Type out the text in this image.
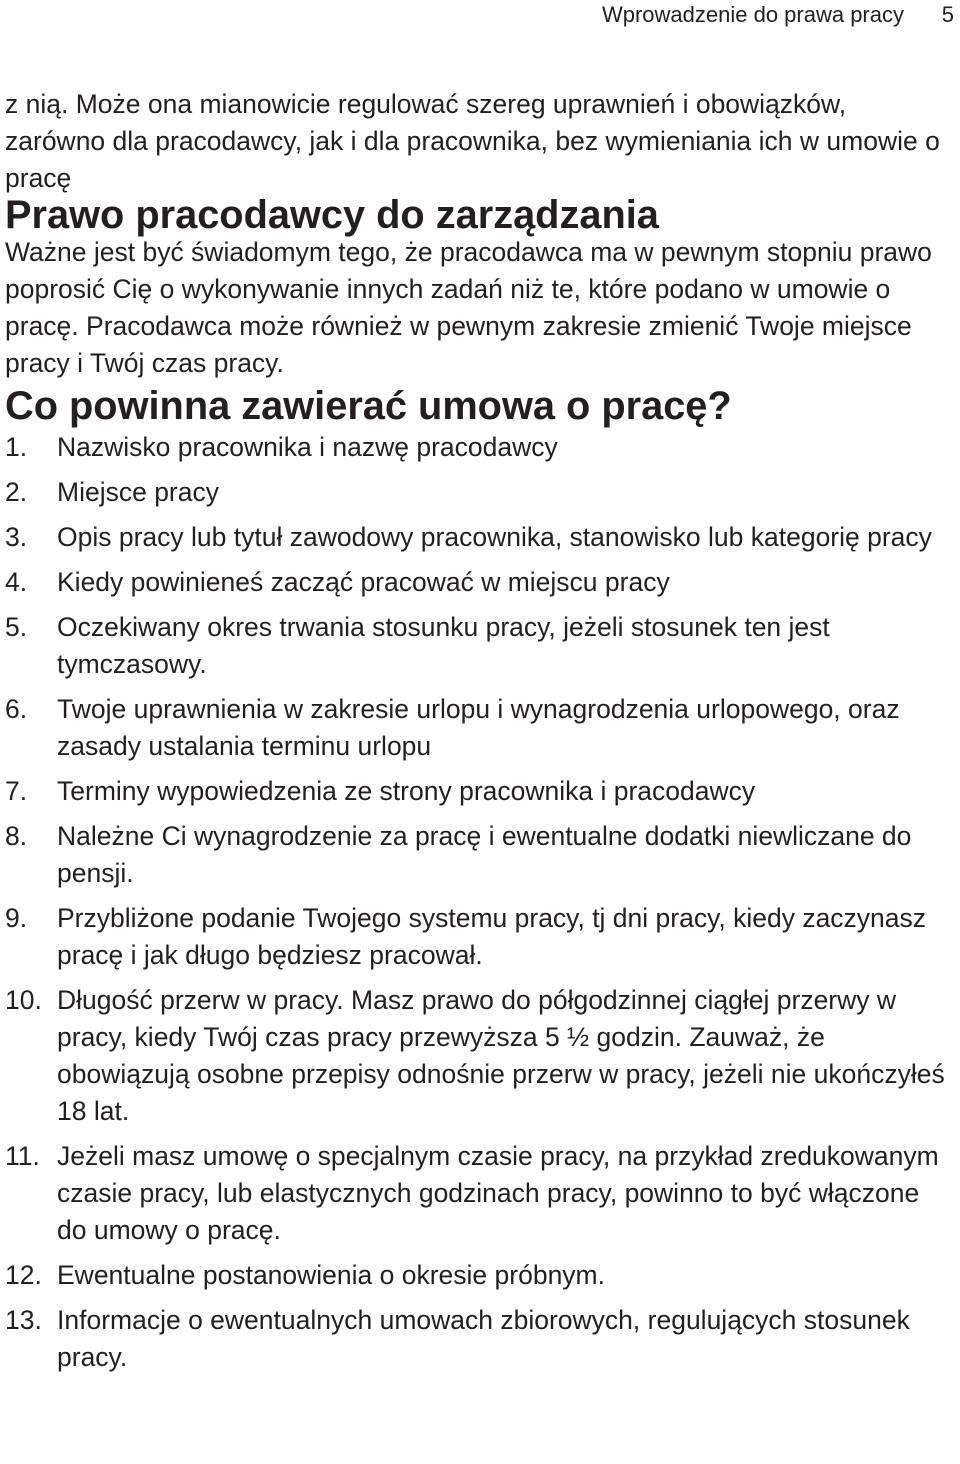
Wprowadzenie do prawa pracy 5

z nią. Może ona mianowicie regulować szereg uprawnień i obowiązków, zarówno dla pracodawcy, jak i dla pracownika, bez wymieniania ich w umowie o pracę

Prawo pracodawcy do zarządzania

Ważne jest być świadomym tego, że pracodawca ma w pewnym stopniu prawo poprosić Cię o wykonywanie innych zadań niż te, które podano w umowie o pracę. Pracodawca może również w pewnym zakresie zmienić Twoje miejsce pracy i Twój czas pracy.

Co powinna zawierać umowa o pracę?
1. Nazwisko pracownika i nazwę pracodawcy
2. Miejsce pracy
3. Opis pracy lub tytuł zawodowy pracownika, stanowisko lub kategorię pracy
4. Kiedy powinieneś zacząć pracować w miejscu pracy
5. Oczekiwany okres trwania stosunku pracy, jeżeli stosunek ten jest tymczasowy.
6. Twoje uprawnienia w zakresie urlopu i wynagrodzenia urlopowego, oraz zasady ustalania terminu urlopu
7. Terminy wypowiedzenia ze strony pracownika i pracodawcy
8. Należne Ci wynagrodzenie za pracę i ewentualne dodatki niewliczane do pensji.
9. Przybliżone podanie Twojego systemu pracy, tj dni pracy, kiedy zaczynasz pracę i jak długo będziesz pracował.
10. Długość przerw w pracy. Masz prawo do półgodzinnej ciągłej przerwy w pracy, kiedy Twój czas pracy przewyższa 5 ½ godzin. Zauważ, że obowiązują osobne przepisy odnośnie przerw w pracy, jeżeli nie ukończyłeś 18 lat.
11. Jeżeli masz umowę o specjalnym czasie pracy, na przykład zredukowanym czasie pracy, lub elastycznych godzinach pracy, powinno to być włączone do umowy o pracę.
12. Ewentualne postanowienia o okresie próbnym.
13. Informacje o ewentualnych umowach zbiorowych, regulujących stosunek pracy.
